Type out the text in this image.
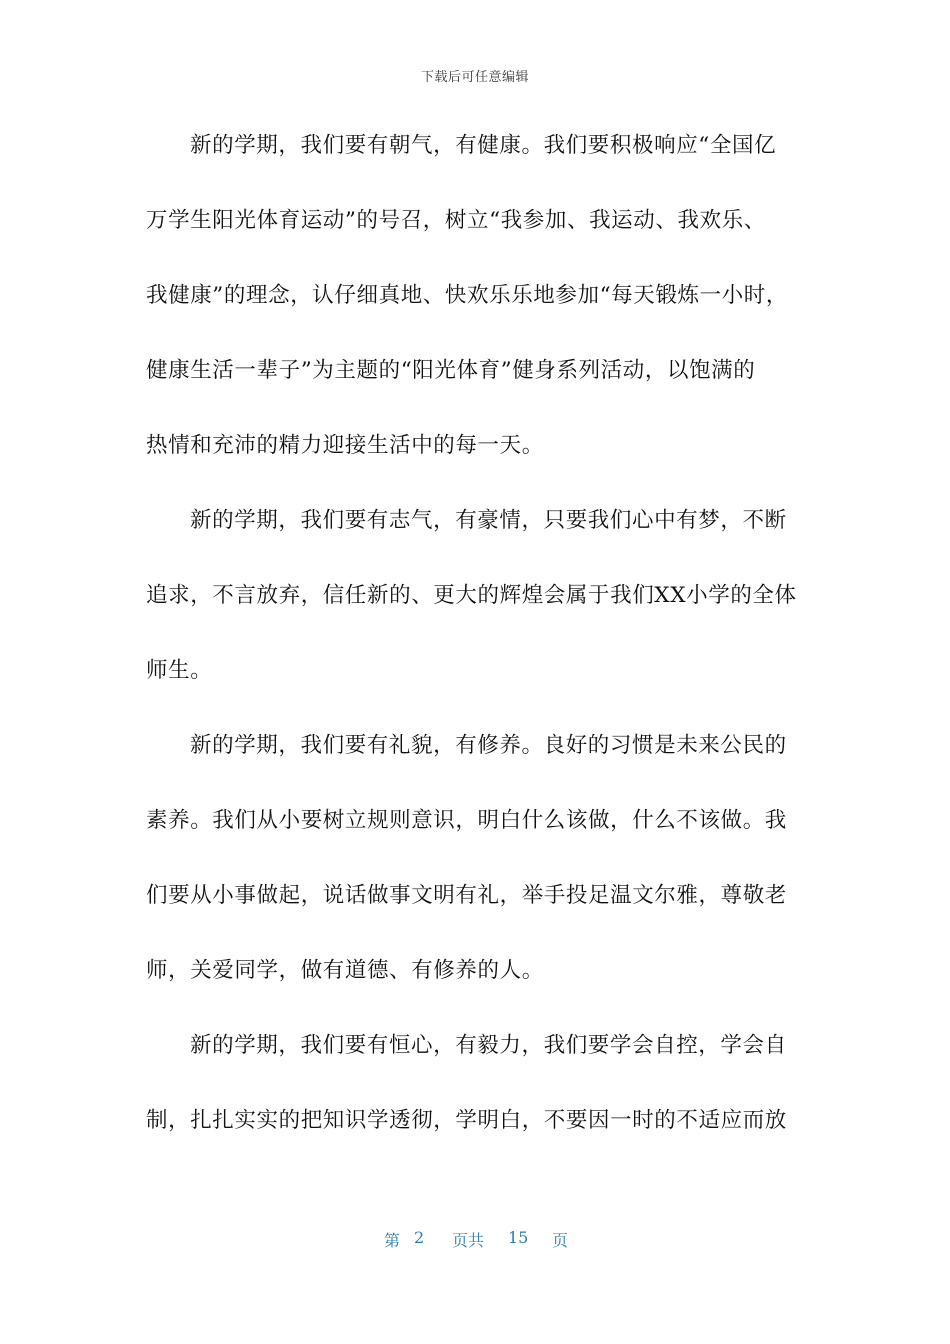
下载后可任意编辑
新的学期，我们要有朝气，有健康。我们要积极响应“全国亿
万学生阳光体育运动”的号召，树立“我参加、我运动、我欢乐、
我健康”的理念，认仔细真地、快欢乐乐地参加“每天锻炼一小时，
健康生活一辈子”为主题的“阳光体育”健身系列活动，以饱满的
热情和充沛的精力迎接生活中的每一天。
新的学期，我们要有志气，有豪情，只要我们心中有梦，不断
追求，不言放弃，信任新的、更大的辉煌会属于我们XX小学的全体
师生。
新的学期，我们要有礼貌，有修养。良好的习惯是未来公民的
素养。我们从小要树立规则意识，明白什么该做，什么不该做。我
们要从小事做起，说话做事文明有礼，举手投足温文尔雅，尊敬老
师，关爱同学，做有道德、有修养的人。
新的学期，我们要有恒心，有毅力，我们要学会自控，学会自
制，扎扎实实的把知识学透彻，学明白，不要因一时的不适应而放
第 2 页共 15 页
